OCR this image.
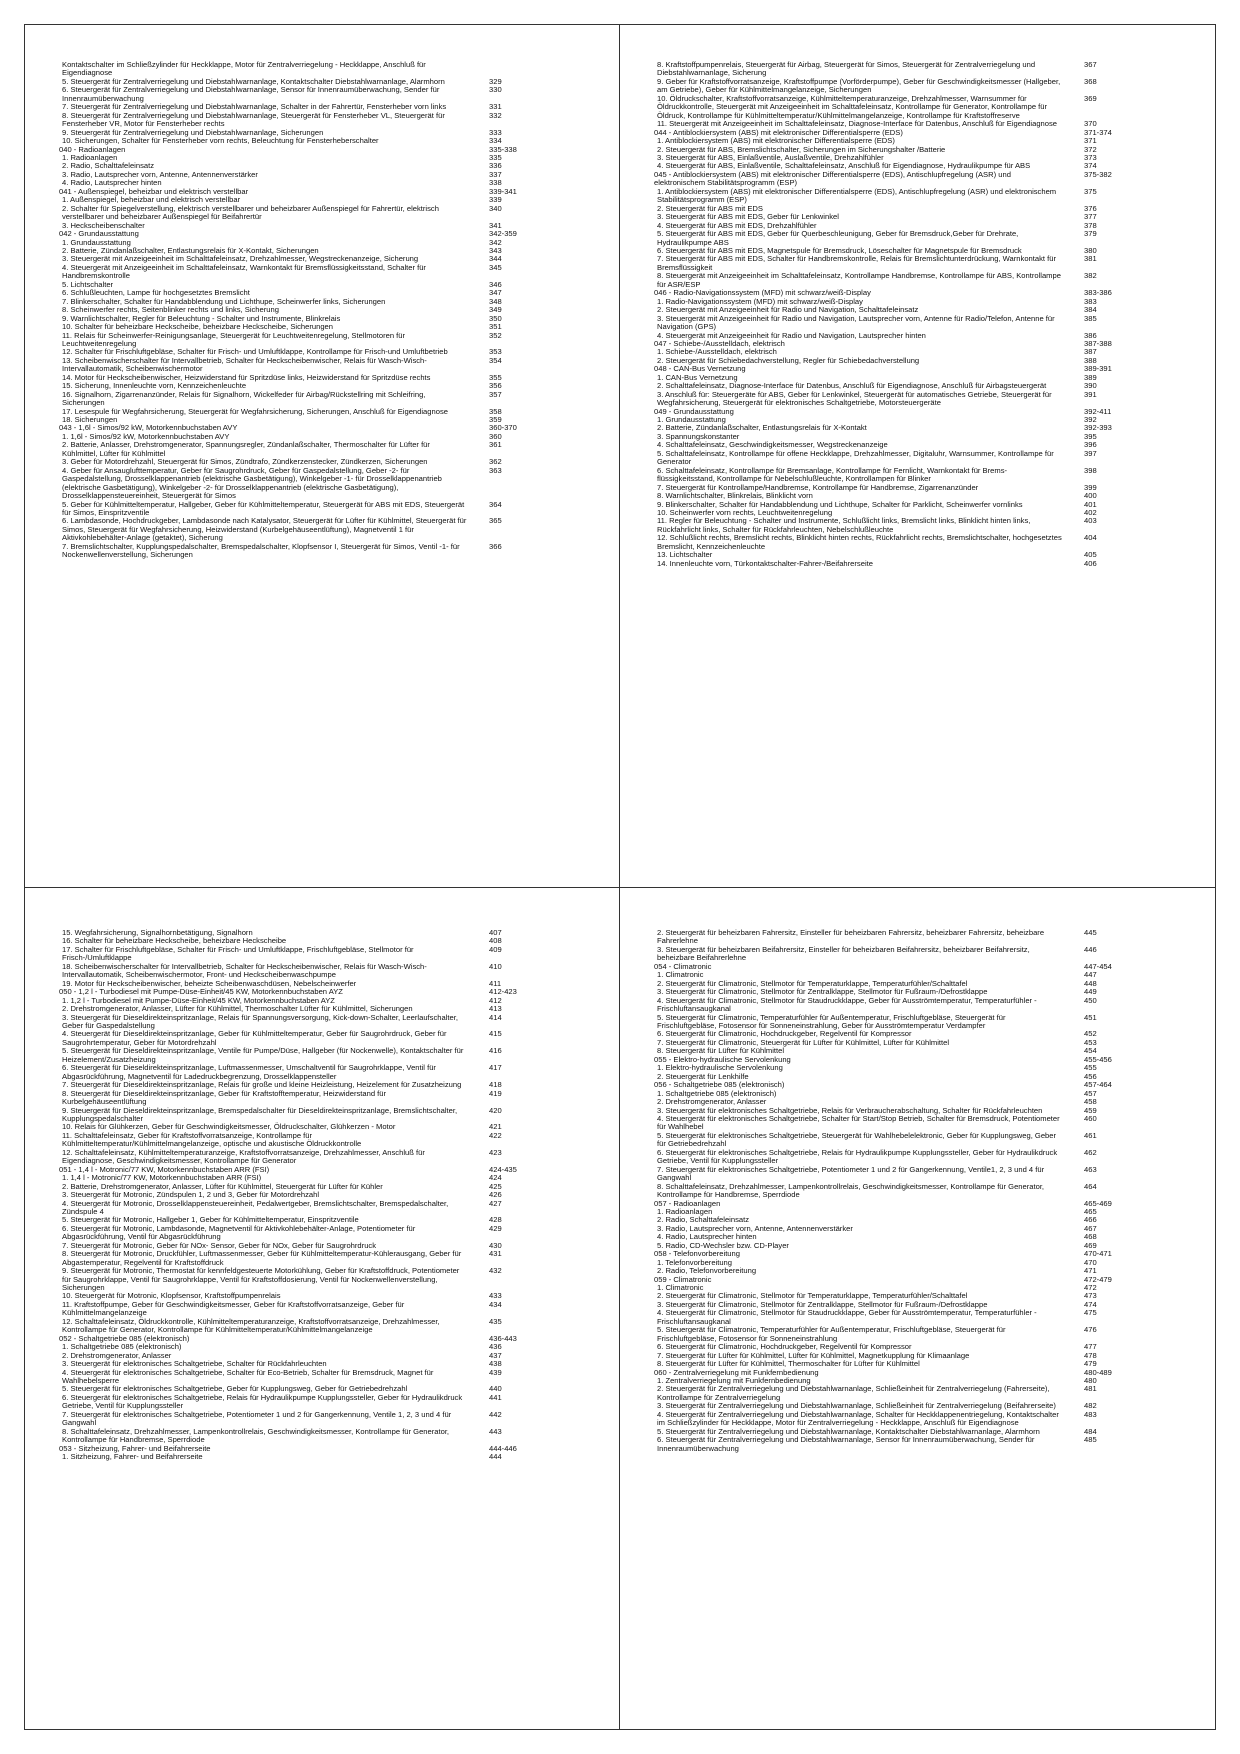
Kontaktschalter im Schließzylinder für Heckklappe, Motor für Zentralverriegelung - Heckklappe, Anschluß für Eigendiagnose
5. Steuergerät für Zentralverriegelung und Diebstahlwarnanlage, Kontaktschalter Diebstahlwarnanlage, Alarmhorn	329
6. Steuergerät für Zentralverriegelung und Diebstahlwarnanlage, Sensor für Innenraumüberwachung, Sender für Innenraumüberwachung
330
7. Steuergerät für Zentralverriegelung und Diebstahlwarnanlage, Schalter in der Fahrertür, Fensterheber vorn links	331
8. Steuergerät für Zentralverriegelung und Diebstahlwarnanlage, Steuergerät für Fensterheber VL, Steuergerät für Fensterheber VR, Motor für Fensterheber rechts
332
9. Steuergerät für Zentralverriegelung und Diebstahlwarnanlage, Sicherungen	333
10. Sicherungen, Schalter für Fensterheber vorn rechts, Beleuchtung für Fensterheberschalter	334
040 - Radioanlagen	335-338
1. Radioanlagen	335
2. Radio, Schalttafeleinsatz	336
3. Radio, Lautsprecher vorn, Antenne, Antennenverstärker	337
4. Radio, Lautsprecher hinten	338
041 - Außenspiegel, beheizbar und elektrisch verstellbar	339-341
1. Außenspiegel, beheizbar und elektrisch verstellbar	339
2. Schalter für Spiegelverstellung, elektrisch verstellbarer und beheizbarer Außenspiegel für Fahrertür, elektrisch verstellbarer und beheizbarer Außenspiegel für Beifahrertür
340
3. Heckscheibenschalter	341
042 - Grundausstattung	342-359
1. Grundausstattung	342
2. Batterie, Zündanlaßschalter, Entlastungsrelais für X-Kontakt, Sicherungen	343
3. Steuergerät mit Anzeigeeinheit im Schalttafeleinsatz, Drehzahlmesser, Wegstreckenanzeige, Sicherung	344
4. Steuergerät mit Anzeigeeinheit im Schalttafeleinsatz, Warnkontakt für Bremsflüssigkeitsstand, Schalter für Handbremskontrolle
345
5. Lichtschalter	346
6. Schlußleuchten, Lampe für hochgesetztes Bremslicht	347
7. Blinkerschalter, Schalter für Handabblendung und Lichthupe, Scheinwerfer links, Sicherungen	348
8. Scheinwerfer rechts, Seitenblinker rechts und links, Sicherung	349
9. Warnlichtschalter, Regler für Beleuchtung - Schalter und Instrumente, Blinkrelais	350
10. Schalter für beheizbare Heckscheibe, beheizbare Heckscheibe, Sicherungen	351
11. Relais für Scheinwerfer-Reinigungsanlage, Steuergerät für Leuchtweitenregelung, Stellmotoren für Leuchtweitenregelung
352
12. Schalter für Frischluftgebläse, Schalter für Frisch- und Umluftklappe, Kontrollampe für Frisch-und Umluftbetrieb	353
13. Scheibenwischerschalter für Intervallbetrieb, Schalter für Heckscheibenwischer, Relais für Wasch-Wisch-Intervallautomatik, Scheibenwischermotor
354
14. Motor für Heckscheibenwischer, Heizwiderstand für Spritzdüse links, Heizwiderstand für Spritzdüse rechts	355
15. Sicherung, Innenleuchte vorn, Kennzeichenleuchte	356
16. Signalhorn, Zigarrenanzünder, Relais für Signalhorn, Wickelfeder für Airbag/Rückstellring mit Schleifring, Sicherungen
357
17. Lesespule für Wegfahrsicherung, Steuergerät für Wegfahrsicherung, Sicherungen, Anschluß für Eigendiagnose	358
18. Sicherungen	359
043 - 1,6l - Simos/92 kW, Motorkennbuchstaben AVY	360-370
1. 1,6l - Simos/92 kW, Motorkennbuchstaben AVY	360
2. Batterie, Anlasser, Drehstromgenerator, Spannungsregler, Zündanlaßschalter, Thermoschalter für Lüfter für Kühlmittel, Lüfter für Kühlmittel
361
3. Geber für Motordrehzahl, Steuergerät für Simos, Zündtrafo, Zündkerzenstecker, Zündkerzen, Sicherungen	362
4. Geber für Ansauglufttemperatur, Geber für Saugrohrdruck, Geber für Gaspedalstellung, Geber -2- für Gaspedalstellung, Drosselklappenantrieb (elektrische Gasbetätigung), Winkelgeber -1- für Drosselklappenantrieb (elektrische Gasbetätigung), Winkelgeber -2- für Drosselklappenantrieb (elektrische Gasbetätigung), Drosselklappensteuereinheit, Steuergerät für Simos
363
5. Geber für Kühlmitteltemperatur, Hallgeber, Geber für Kühlmitteltemperatur, Steuergerät für ABS mit EDS, Steuergerät für Simos, Einspritzventile
364
6. Lambdasonde, Hochdruckgeber, Lambdasonde nach Katalysator, Steuergerät für Lüfter für Kühlmittel, Steuergerät für Simos, Steuergerät für Wegfahrsicherung, Heizwiderstand (Kurbelgehäuseentlüftung), Magnetventil 1 für Aktivkohlebehälter-Anlage (getaktet), Sicherung
365
7. Bremslichtschalter, Kupplungspedalschalter, Bremspedalschalter, Klopfsensor I, Steuergerät für Simos, Ventil -1- für Nockenwellenverstellung, Sicherungen
366
8. Kraftstoffpumpenrelais, Steuergerät für Airbag, Steuergerät für Simos, Steuergerät für Zentralverriegelung und Diebstahlwarnanlage, Sicherung
367
9. Geber für Kraftstoffvorratsanzeige, Kraftstoffpumpe (Vorförderpumpe), Geber für Geschwindigkeitsmesser (Hallgeber, am Getriebe), Geber für Kühlmittelmangelanzeige, Sicherungen
368
10. Öldruckschalter, Kraftstoffvorratsanzeige, Kühlmitteltemperaturanzeige, Drehzahlmesser, Warnsummer für Öldruckkontrolle, Steuergerät mit Anzeigeeinheit im Schalttafeleinsatz, Kontrollampe für Generator, Kontrollampe für Öldruck, Kontrollampe für Kühlmitteltemperatur/Kühlmittelmangelanzeige, Kontrollampe für Kraftstoffreserve
369
11. Steuergerät mit Anzeigeeinheit im Schalttafeleinsatz, Diagnose-Interface für Datenbus, Anschluß für Eigendiagnose	370
044 - Antiblockiersystem (ABS) mit elektronischer Differentialsperre (EDS)	371-374
1. Antiblockiersystem (ABS) mit elektronischer Differentialsperre (EDS)	371
2. Steuergerät für ABS, Bremslichtschalter, Sicherungen im Sicherungshalter /Batterie	372
3. Steuergerät für ABS, Einlaßventile, Auslaßventile, Drehzahlfühler	373
4. Steuergerät für ABS, Einlaßventile, Schalttafeleinsatz, Anschluß für Eigendiagnose, Hydraulikpumpe für ABS	374
045 - Antiblockiersystem (ABS) mit elektronischer Differentialsperre (EDS), Antischlupfregelung (ASR) und elektronischem Stabilitätsprogramm (ESP)
375-382
1. Antiblockiersystem (ABS) mit elektronischer Differentialsperre (EDS), Antischlupfregelung (ASR) und elektronischem Stabilitätsprogramm (ESP)
375
2. Steuergerät für ABS mit EDS	376
3. Steuergerät für ABS mit EDS, Geber für Lenkwinkel	377
4. Steuergerät für ABS mit EDS, Drehzahlfühler	378
5. Steuergerät für ABS mit EDS, Geber für Querbeschleunigung, Geber für Bremsdruck,Geber für Drehrate, Hydraulikpumpe ABS
379
6. Steuergerät für ABS mit EDS, Magnetspule für Bremsdruck, Löseschalter für Magnetspule für Bremsdruck	380
7. Steuergerät für ABS mit EDS, Schalter für Handbremskontrolle, Relais für Bremslichtunterdrückung, Warnkontakt für Bremsflüssigkeit
381
8. Steuergerät mit Anzeigeeinheit im Schalttafeleinsatz, Kontrollampe Handbremse, Kontrollampe für ABS, Kontrollampe für ASR/ESP
382
046 - Radio-Navigationssystem (MFD) mit schwarz/weiß-Display	383-386
1. Radio-Navigationssystem (MFD) mit schwarz/weiß-Display	383
2. Steuergerät mit Anzeigeeinheit für Radio und Navigation, Schalttafeleinsatz	384
3. Steuergerät mit Anzeigeeinheit für Radio und Navigation, Lautsprecher vorn, Antenne für Radio/Telefon, Antenne für Navigation (GPS)
385
4. Steuergerät mit Anzeigeeinheit für Radio und Navigation, Lautsprecher hinten	386
047 - Schiebe-/Ausstelldach, elektrisch	387-388
1. Schiebe-/Ausstelldach, elektrisch	387
2. Steuergerät für Schiebedachverstellung, Regler für Schiebedachverstellung	388
048 - CAN-Bus Vernetzung	389-391
1. CAN-Bus Vernetzung	389
2. Schalttafeleinsatz, Diagnose-Interface für Datenbus, Anschluß für Eigendiagnose, Anschluß für Airbagsteuergerät	390
3. Anschluß für: Steuergeräte für ABS, Geber für Lenkwinkel, Steuergerät für automatisches Getriebe, Steuergerät für Wegfahrsicherung, Steuergerät für elektronisches Schaltgetriebe, Motorsteuergeräte
391
049 - Grundausstattung	392-411
1. Grundausstattung	392
2. Batterie, Zündanlaßschalter, Entlastungsrelais für X-Kontakt	392-393
3. Spannungskonstanter	395
4. Schalttafeleinsatz, Geschwindigkeitsmesser, Wegstreckenanzeige	396
5. Schalttafeleinsatz, Kontrollampe für offene Heckklappe, Drehzahlmesser, Digitaluhr, Warnsummer, Kontrollampe für Generator
397
6. Schalttafeleinsatz, Kontrollampe für Bremsanlage, Kontrollampe für Fernlicht, Warnkontakt für Brems-flüssigkeitsstand, Kontrollampe für Nebelschlußleuchte, Kontrollampen für Blinker
398
7. Steuergerät für Kontrollampe/Handbremse, Kontrollampe für Handbremse, Zigarrenanzünder	399
8. Warnlichtschalter, Blinkrelais, Blinklicht vorn	400
9. Blinkerschalter, Schalter für Handabblendung und Lichthupe, Schalter für Parklicht, Scheinwerfer vornlinks	401
10. Scheinwerfer vorn rechts, Leuchtweitenregelung	402
11. Regler für Beleuchtung - Schalter und Instrumente, Schlußlicht links, Bremslicht links, Blinklicht hinten links, Rückfahrlicht links, Schalter für Rückfahrleuchten, Nebelschlußleuchte
403
12. Schlußlicht rechts, Bremslicht rechts, Blinklicht hinten rechts, Rückfahrlicht rechts, Bremslichtschalter, hochgesetztes Bremslicht, Kennzeichenleuchte
404
13. Lichtschalter	405
14. Innenleuchte vorn, Türkontaktschalter-Fahrer-/Beifahrerseite	406
15. Wegfahrsicherung, Signalhornbetätigung, Signalhorn	407
16. Schalter für beheizbare Heckscheibe, beheizbare Heckscheibe	408
17. Schalter für Frischluftgebläse, Schalter für Frisch- und Umluftklappe, Frischluftgebläse, Stellmotor für Frisch-/Umluftklappe
409
18. Scheibenwischerschalter für Intervallbetrieb, Schalter für Heckscheibenwischer, Relais für Wasch-Wisch-Intervallautomatik, Scheibenwischermotor, Front- und Heckscheibenwaschpumpe
410
19. Motor für Heckscheibenwischer, beheizte Scheibenwaschdüsen, Nebelscheinwerfer	411
050 - 1,2 l - Turbodiesel mit Pumpe-Düse-Einheit/45 KW, Motorkennbuchstaben AYZ	412-423
1. 1,2 l - Turbodiesel mit Pumpe-Düse-Einheit/45 KW, Motorkennbuchstaben AYZ	412
2. Drehstromgenerator, Anlasser, Lüfter für Kühlmittel, Thermoschalter Lüfter für Kühlmittel, Sicherungen	413
3. Steuergerät für Dieseldirekteinspritzanlage, Relais für Spannungsversorgung, Kick-down-Schalter, Leerlaufschalter, Geber für Gaspedalstellung
414
4. Steuergerät für Dieseldirekteinspritzanlage, Geber für Kühlmitteltemperatur, Geber für Saugrohrdruck, Geber für Saugrohrtemperatur, Geber für Motordrehzahl
415
5. Steuergerät für Dieseldirekteinspritzanlage, Ventile für Pumpe/Düse, Hallgeber (für Nockenwelle), Kontaktschalter für Heizelement/Zusatzheizung
416
6. Steuergerät für Dieseldirekteinspritzanlage, Luftmassenmesser, Umschaltventil für Saugrohrklappe, Ventil für Abgasrückführung, Magnetventil für Ladedruckbegrenzung, Drosselklappensteller
417
7. Steuergerät für Dieseldirekteinspritzanlage, Relais für große und kleine Heizleistung, Heizelement für Zusatzheizung	418
8. Steuergerät für Dieseldirekteinspritzanlage, Geber für Kraftstofftemperatur, Heizwiderstand für Kurbelgehäuseentlüftung
419
9. Steuergerät für Dieseldirekteinspritzanlage, Bremspedalschalter für Dieseldirekteinspritzanlage, Bremslichtschalter, Kupplungspedalschalter
420
10. Relais für Glühkerzen, Geber für Geschwindigkeitsmesser, Öldruckschalter, Glühkerzen - Motor	421
11. Schalttafeleinsatz, Geber für Kraftstoffvorratsanzeige, Kontrollampe für Kühlmitteltemperatur/Kühlmittelmangelanzeige, optische und akustische Öldruckkontrolle
422
12. Schalttafeleinsatz, Kühlmitteltemperaturanzeige, Kraftstoffvorratsanzeige, Drehzahlmesser, Anschluß für Eigendiagnose, Geschwindigkeitsmesser, Kontrollampe für Generator
423
051 - 1,4 l - Motronic/77 KW, Motorkennbuchstaben ARR (FSI)	424-435
1. 1,4 l - Motronic/77 KW, Motorkennbuchstaben ARR (FSI)	424
2. Batterie, Drehstromgenerator, Anlasser, Lüfter für Kühlmittel, Steuergerät für Lüfter für Kühler	425
3. Steuergerät für Motronic, Zündspulen 1, 2 und 3, Geber für Motordrehzahl	426
4. Steuergerät für Motronic, Drosselklappensteuereinheit, Pedalwertgeber, Bremslichtschalter, Bremspedalschalter, Zündspule 4
427
5. Steuergerät für Motronic, Hallgeber 1, Geber für Kühlmitteltemperatur, Einspritzventile	428
6. Steuergerät für Motronic, Lambdasonde, Magnetventil für Aktivkohlebehälter-Anlage, Potentiometer für Abgasrückführung, Ventil für Abgasrückführung
429
7. Steuergerät für Motronic, Geber für NOx- Sensor, Geber für NOx, Geber für Saugrohrdruck	430
8. Steuergerät für Motronic, Druckfühler, Luftmassenmesser, Geber für Kühlmitteltemperatur-Kühlerausgang, Geber für Abgastemperatur, Regelventil für Kraftstoffdruck
431
9. Steuergerät für Motronic, Thermostat für kennfeldgesteuerte Motorkühlung, Geber für Kraftstoffdruck, Potentiometer für Saugrohrklappe, Ventil für Saugrohrklappe, Ventil für Kraftstoffdosierung, Ventil für Nockenwellenverstellung, Sicherungen
432
10. Steuergerät für Motronic, Klopfsensor, Kraftstoffpumpenrelais	433
11. Kraftstoffpumpe, Geber für Geschwindigkeitsmesser, Geber für Kraftstoffvorratsanzeige, Geber für Kühlmittelmangelanzeige
434
12. Schalttafeleinsatz, Öldruckkontrolle, Kühlmitteltemperaturanzeige, Kraftstoffvorratsanzeige, Drehzahlmesser, Kontrollampe für Generator, Kontrollampe für Kühlmitteltemperatur/Kühlmittelmangelanzeige
435
052 - Schaltgetriebe 085 (elektronisch)	436-443
1. Schaltgetriebe 085 (elektronisch)	436
2. Drehstromgenerator, Anlasser	437
3. Steuergerät für elektronisches Schaltgetriebe, Schalter für Rückfahrleuchten	438
4. Steuergerät für elektronisches Schaltgetriebe, Schalter für Eco-Betrieb, Schalter für Bremsdruck, Magnet für Wahlhebelsperre
439
5. Steuergerät für elektronisches Schaltgetriebe, Geber für Kupplungsweg, Geber für Getriebedrehzahl	440
6. Steuergerät für elektronisches Schaltgetriebe, Relais für Hydraulikpumpe Kupplungssteller, Geber für Hydraulikdruck Getriebe, Ventil für Kupplungssteller
441
7. Steuergerät für elektronisches Schaltgetriebe, Potentiometer 1 und 2 für Gangerkennung, Ventile 1, 2, 3 und 4 für Gangwahl
442
8. Schalttafeleinsatz, Drehzahlmesser, Lampenkontrollrelais, Geschwindigkeitsmesser, Kontrollampe für Generator, Kontrollampe für Handbremse, Sperrdiode
443
053 - Sitzheizung, Fahrer- und Beifahrerseite	444-446
1. Sitzheizung, Fahrer- und Beifahrerseite	444
2. Steuergerät für beheizbaren Fahrersitz, Einsteller für beheizbaren Fahrersitz, beheizbarer Fahrersitz, beheizbare Fahrerlehne
445
3. Steuergerät für beheizbaren Beifahrersitz, Einsteller für beheizbaren Beifahrersitz, beheizbarer Beifahrersitz, beheizbare Beifahrerlehne
446
054 - Climatronic	447-454
1. Climatronic	447
2. Steuergerät für Climatronic, Stellmotor für Temperaturklappe, Temperaturfühler/Schalttafel	448
3. Steuergerät für Climatronic, Stellmotor für Zentralklappe, Stellmotor für Fußraum-/Defrostklappe	449
4. Steuergerät für Climatronic, Stellmotor für Staudruckklappe, Geber für Ausströmtemperatur, Temperaturfühler - Frischluftansaugkanal
450
5. Steuergerät für Climatronic, Temperaturfühler für Außentemperatur, Frischluftgebläse, Steuergerät für Frischluftgebläse, Fotosensor für Sonneneinstrahlung, Geber für Ausströmtemperatur Verdampfer
451
6. Steuergerät für Climatronic, Hochdruckgeber, Regelventil für Kompressor	452
7. Steuergerät für Climatronic, Steuergerät für Lüfter für Kühlmittel, Lüfter für Kühlmittel	453
8. Steuergerät für Lüfter für Kühlmittel	454
055 - Elektro-hydraulische Servolenkung	455-456
1. Elektro-hydraulische Servolenkung	455
2. Steuergerät für Lenkhilfe	456
056 - Schaltgetriebe 085 (elektronisch)	457-464
1. Schaltgetriebe 085 (elektronisch)	457
2. Drehstromgenerator, Anlasser	458
3. Steuergerät für elektronisches Schaltgetriebe, Relais für Verbraucherabschaltung, Schalter für Rückfahrleuchten	459
4. Steuergerät für elektronisches Schaltgetriebe, Schalter für Start/Stop Betrieb, Schalter für Bremsdruck, Potentiometer für Wahlhebel
460
5. Steuergerät für elektronisches Schaltgetriebe, Steuergerät für Wahlhebelelektronic, Geber für Kupplungsweg, Geber für Getriebedrehzahl
461
6. Steuergerät für elektronisches Schaltgetriebe, Relais für Hydraulikpumpe Kupplungssteller, Geber für Hydraulikdruck Getriebe, Ventil für Kupplungssteller
462
7. Steuergerät für elektronisches Schaltgetriebe, Potentiometer 1 und 2 für Gangerkennung, Ventile1, 2, 3 und 4 für Gangwahl
463
8. Schalttafeleinsatz, Drehzahlmesser, Lampenkontrollrelais, Geschwindigkeitsmesser, Kontrollampe für Generator, Kontrollampe für Handbremse, Sperrdiode
464
057 - Radioanlagen	465-469
1. Radioanlagen	465
2. Radio, Schalttafeleinsatz	466
3. Radio, Lautsprecher vorn, Antenne, Antennenverstärker	467
4. Radio, Lautsprecher hinten	468
5. Radio, CD-Wechsler bzw. CD-Player	469
058 - Telefonvorbereitung	470-471
1. Telefonvorbereitung	470
2. Radio, Telefonvorbereitung	471
059 - Climatronic	472-479
1. Climatronic	472
2. Steuergerät für Climatronic, Stellmotor für Temperaturklappe, Temperaturfühler/Schalttafel	473
3. Steuergerät für Climatronic, Stellmotor für Zentralklappe, Stellmotor für Fußraum-/Defrostklappe	474
4. Steuergerät für Climatronic, Stellmotor für Staudruckklappe, Geber für Ausströmtemperatur, Temperaturfühler - Frischluftansaugkanal
475
5. Steuergerät für Climatronic, Temperaturfühler für Außentemperatur, Frischluftgebläse, Steuergerät für Frischluftgebläse, Fotosensor für Sonneneinstrahlung
476
6. Steuergerät für Climatronic, Hochdruckgeber, Regelventil für Kompressor	477
7. Steuergerät für Lüfter für Kühlmittel, Lüfter für Kühlmittel, Magnetkupplung für Klimaanlage	478
8. Steuergerät für Lüfter für Kühlmittel, Thermoschalter für Lüfter für Kühlmittel	479
060 - Zentralverriegelung mit Funkfernbedienung	480-489
1. Zentralverriegelung mit Funkfernbedienung	480
2. Steuergerät für Zentralverriegelung und Diebstahlwarnanlage, Schließeinheit für Zentralverriegelung (Fahrerseite), Kontrollampe für Zentralverriegelung
481
3. Steuergerät für Zentralverriegelung und Diebstahlwarnanlage, Schließeinheit für Zentralverriegelung (Beifahrerseite)	482
4. Steuergerät für Zentralverriegelung und Diebstahlwarnanlage, Schalter für Heckklappenentriegelung, Kontaktschalter im Schließzylinder für Heckklappe, Motor für Zentralverriegelung - Heckklappe, Anschluß für Eigendiagnose
483
5. Steuergerät für Zentralverriegelung und Diebstahlwarnanlage, Kontaktschalter Diebstahlwarnanlage, Alarmhorn	484
6. Steuergerät für Zentralverriegelung und Diebstahlwarnanlage, Sensor für Innenraumüberwachung, Sender für Innenraumüberwachung
485
